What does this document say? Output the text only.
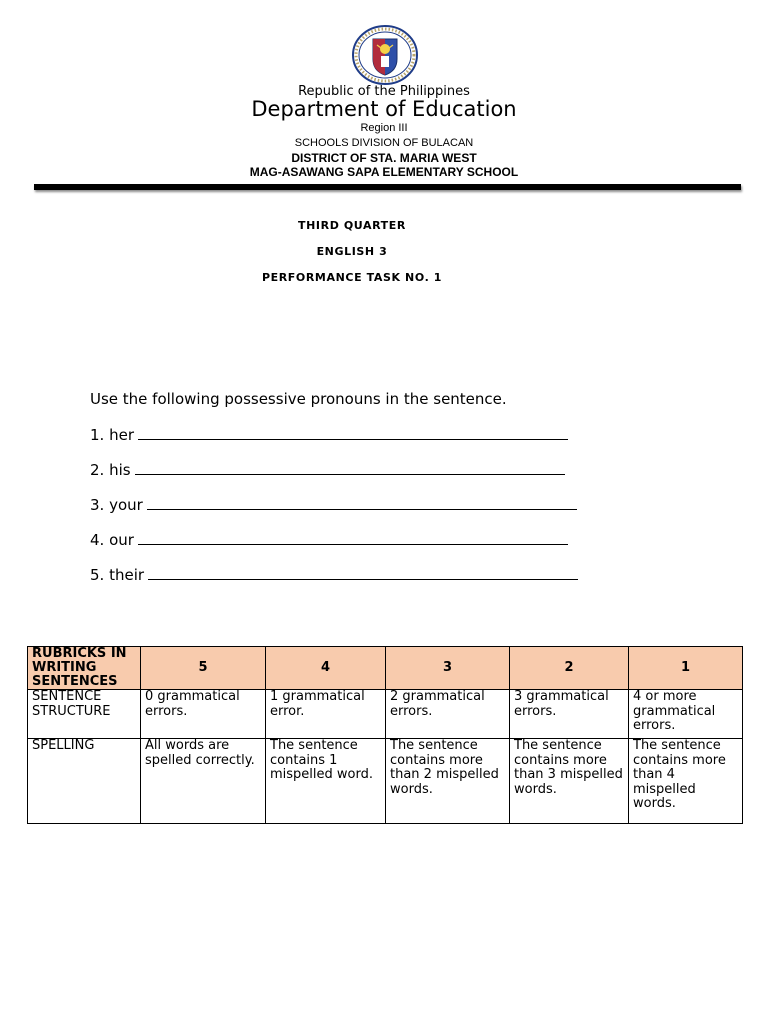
Republic of the Philippines
Department of Education
Region III
SCHOOLS DIVISION OF BULACAN
DISTRICT OF STA. MARIA WEST
MAG-ASAWANG SAPA ELEMENTARY SCHOOL
THIRD QUARTER
ENGLISH 3
PERFORMANCE TASK NO. 1
Use the following possessive pronouns in the sentence.
1. her
2. his
3. your
4. our
5. their
RUBRICKS IN WRITING SENTENCES	5	4	3	2	1
SENTENCE STRUCTURE	0 grammatical errors.	1 grammatical error.	2 grammatical errors.	3 grammatical errors.	4 or more grammatical errors.
SPELLING	All words are spelled correctly.	The sentence contains 1 mispelled word.	The sentence contains more than 2 mispelled words.	The sentence contains more than 3 mispelled words.	The sentence contains more than 4 mispelled words.
